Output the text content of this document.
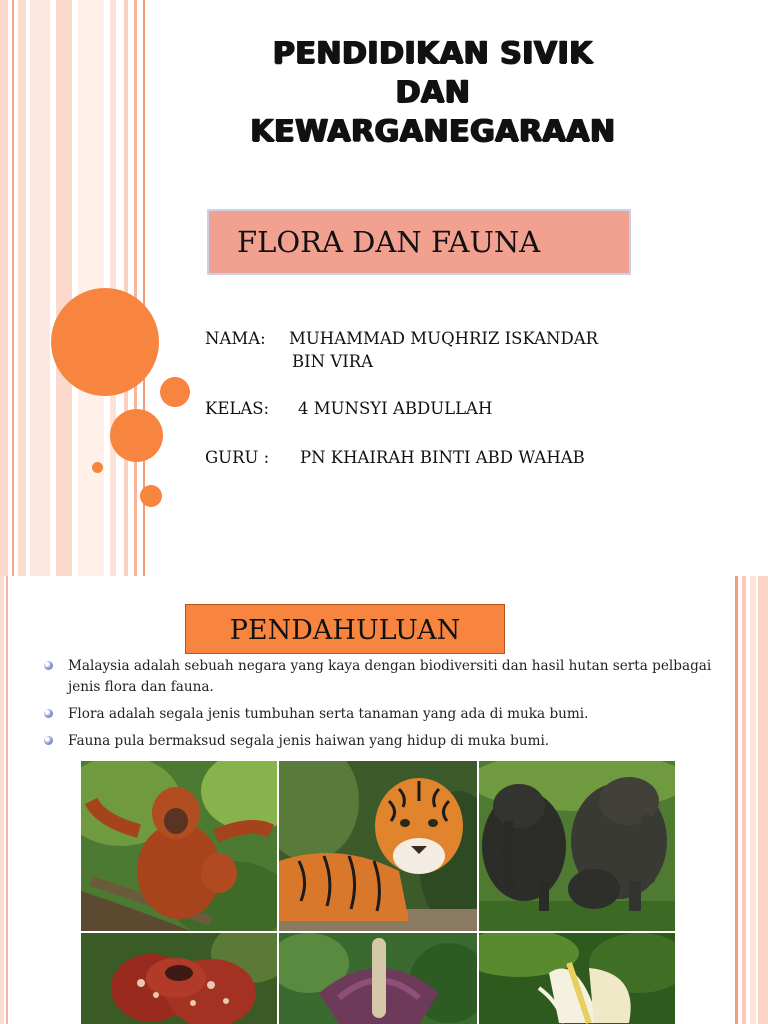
PENDIDIKAN SIVIK
DAN
KEWARGANEGARAAN
FLORA DAN FAUNA
NAMA: MUHAMMAD MUQHRIZ ISKANDAR
BIN VIRA
KELAS: 4 MUNSYI ABDULLAH
GURU : PN KHAIRAH BINTI ABD WAHAB
PENDAHULUAN
Malaysia adalah sebuah negara yang kaya dengan biodiversiti dan hasil hutan serta pelbagai jenis flora dan fauna.
Flora adalah segala jenis tumbuhan serta tanaman yang ada di muka bumi.
Fauna pula bermaksud segala jenis haiwan yang hidup di muka bumi.
